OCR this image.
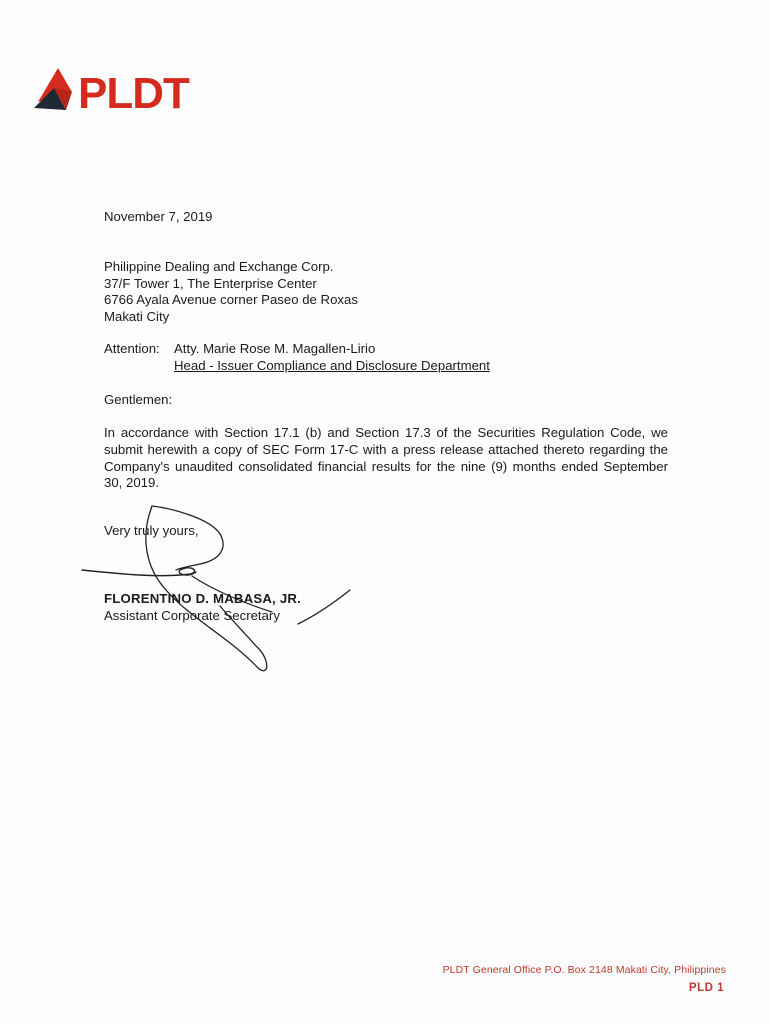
PLDT
November 7, 2019
Philippine Dealing and Exchange Corp.
37/F Tower 1, The Enterprise Center
6766 Ayala Avenue corner Paseo de Roxas
Makati City
Attention: Atty. Marie Rose M. Magallen-Lirio
Head - Issuer Compliance and Disclosure Department
Gentlemen:
In accordance with Section 17.1 (b) and Section 17.3 of the Securities Regulation Code, we submit herewith a copy of SEC Form 17-C with a press release attached thereto regarding the Company's unaudited consolidated financial results for the nine (9) months ended September 30, 2019.
Very truly yours,
FLORENTINO D. MABASA, JR.
Assistant Corporate Secretary
PLDT General Office P.O. Box 2148 Makati City, Philippines
PLD 1
